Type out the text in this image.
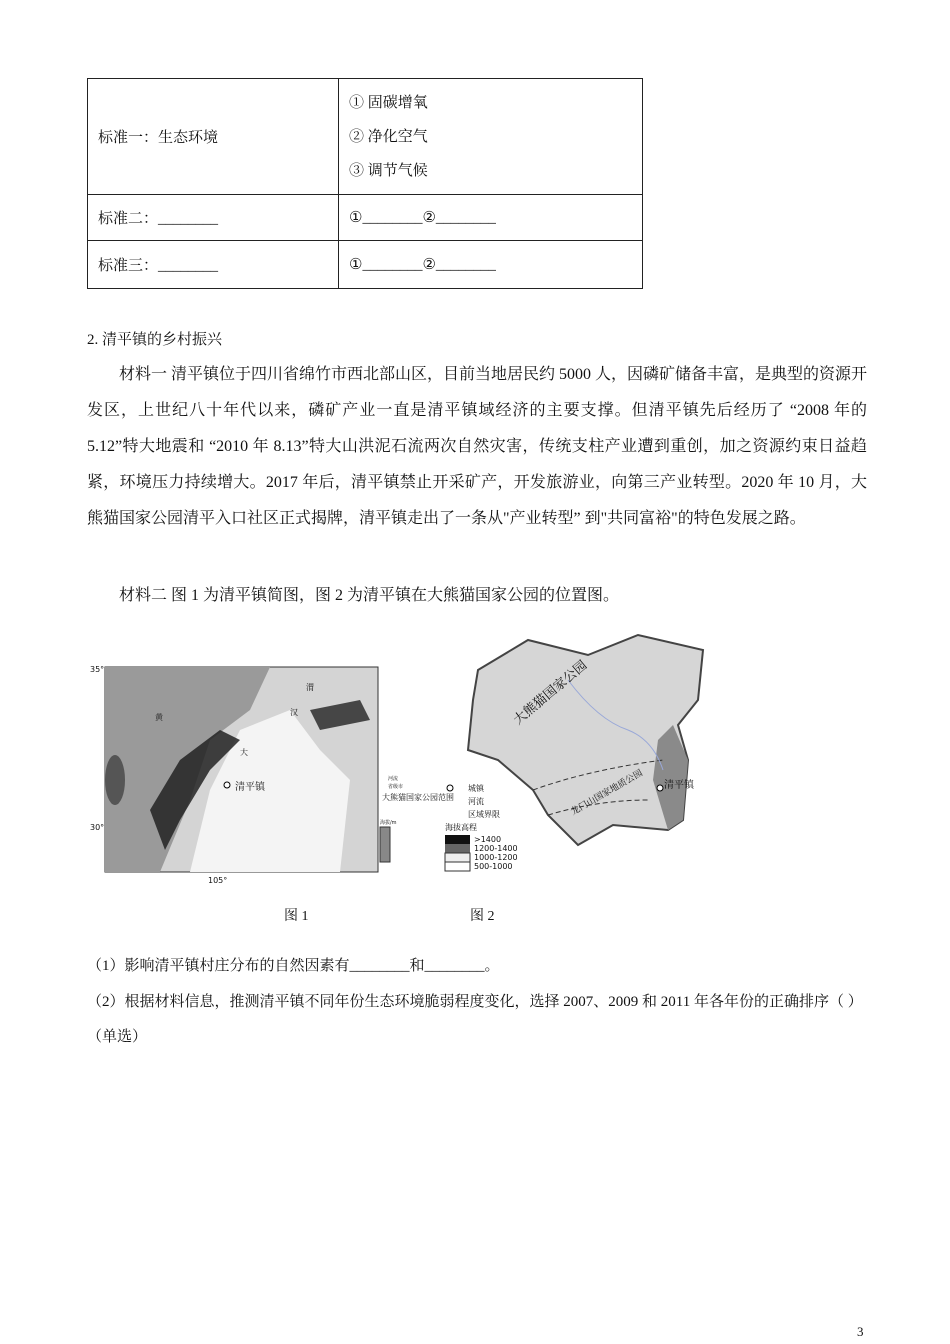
标准一：生态环境	① 固碳增氧
② 净化空气
③ 调节气候

标准二：________	①________②________
标准三：________	①________②________
2. 清平镇的乡村振兴
材料一 清平镇位于四川省绵竹市西北部山区，目前当地居民约 5000 人，因磷矿储备丰富，是典型的资源开发区，上世纪八十年代以来，磷矿产业一直是清平镇域经济的主要支撑。但清平镇先后经历了 “2008 年的 5.12”特大地震和 “2010 年 8.13”特大山洪泥石流两次自然灾害，传统支柱产业遭到重创，加之资源约束日益趋紧，环境压力持续增大。2017 年后，清平镇禁止开采矿产，开发旅游业，向第三产业转型。2020 年 10 月，大熊猫国家公园清平入口社区正式揭牌，清平镇走出了一条从"产业转型” 到"共同富裕"的特色发展之路。
材料二 图 1 为清平镇简图，图 2 为清平镇在大熊猫国家公园的位置图。
清平镇
35°
30°
105°
大
汉
渭
黄
河流
省级市
大熊猫国家公园范围
海拔/m
清平镇
大熊猫国家公园
龙门山国家地质公园
城镇
河流
区域界限
海拔高程
>1400
1200-1400
1000-1200
500-1000
图 1	图 2
（1）影响清平镇村庄分布的自然因素有________和________。
（2）根据材料信息，推测清平镇不同年份生态环境脆弱程度变化，选择 2007、2009 和 2011 年各年份的正确排序（ ）（单选）
3
